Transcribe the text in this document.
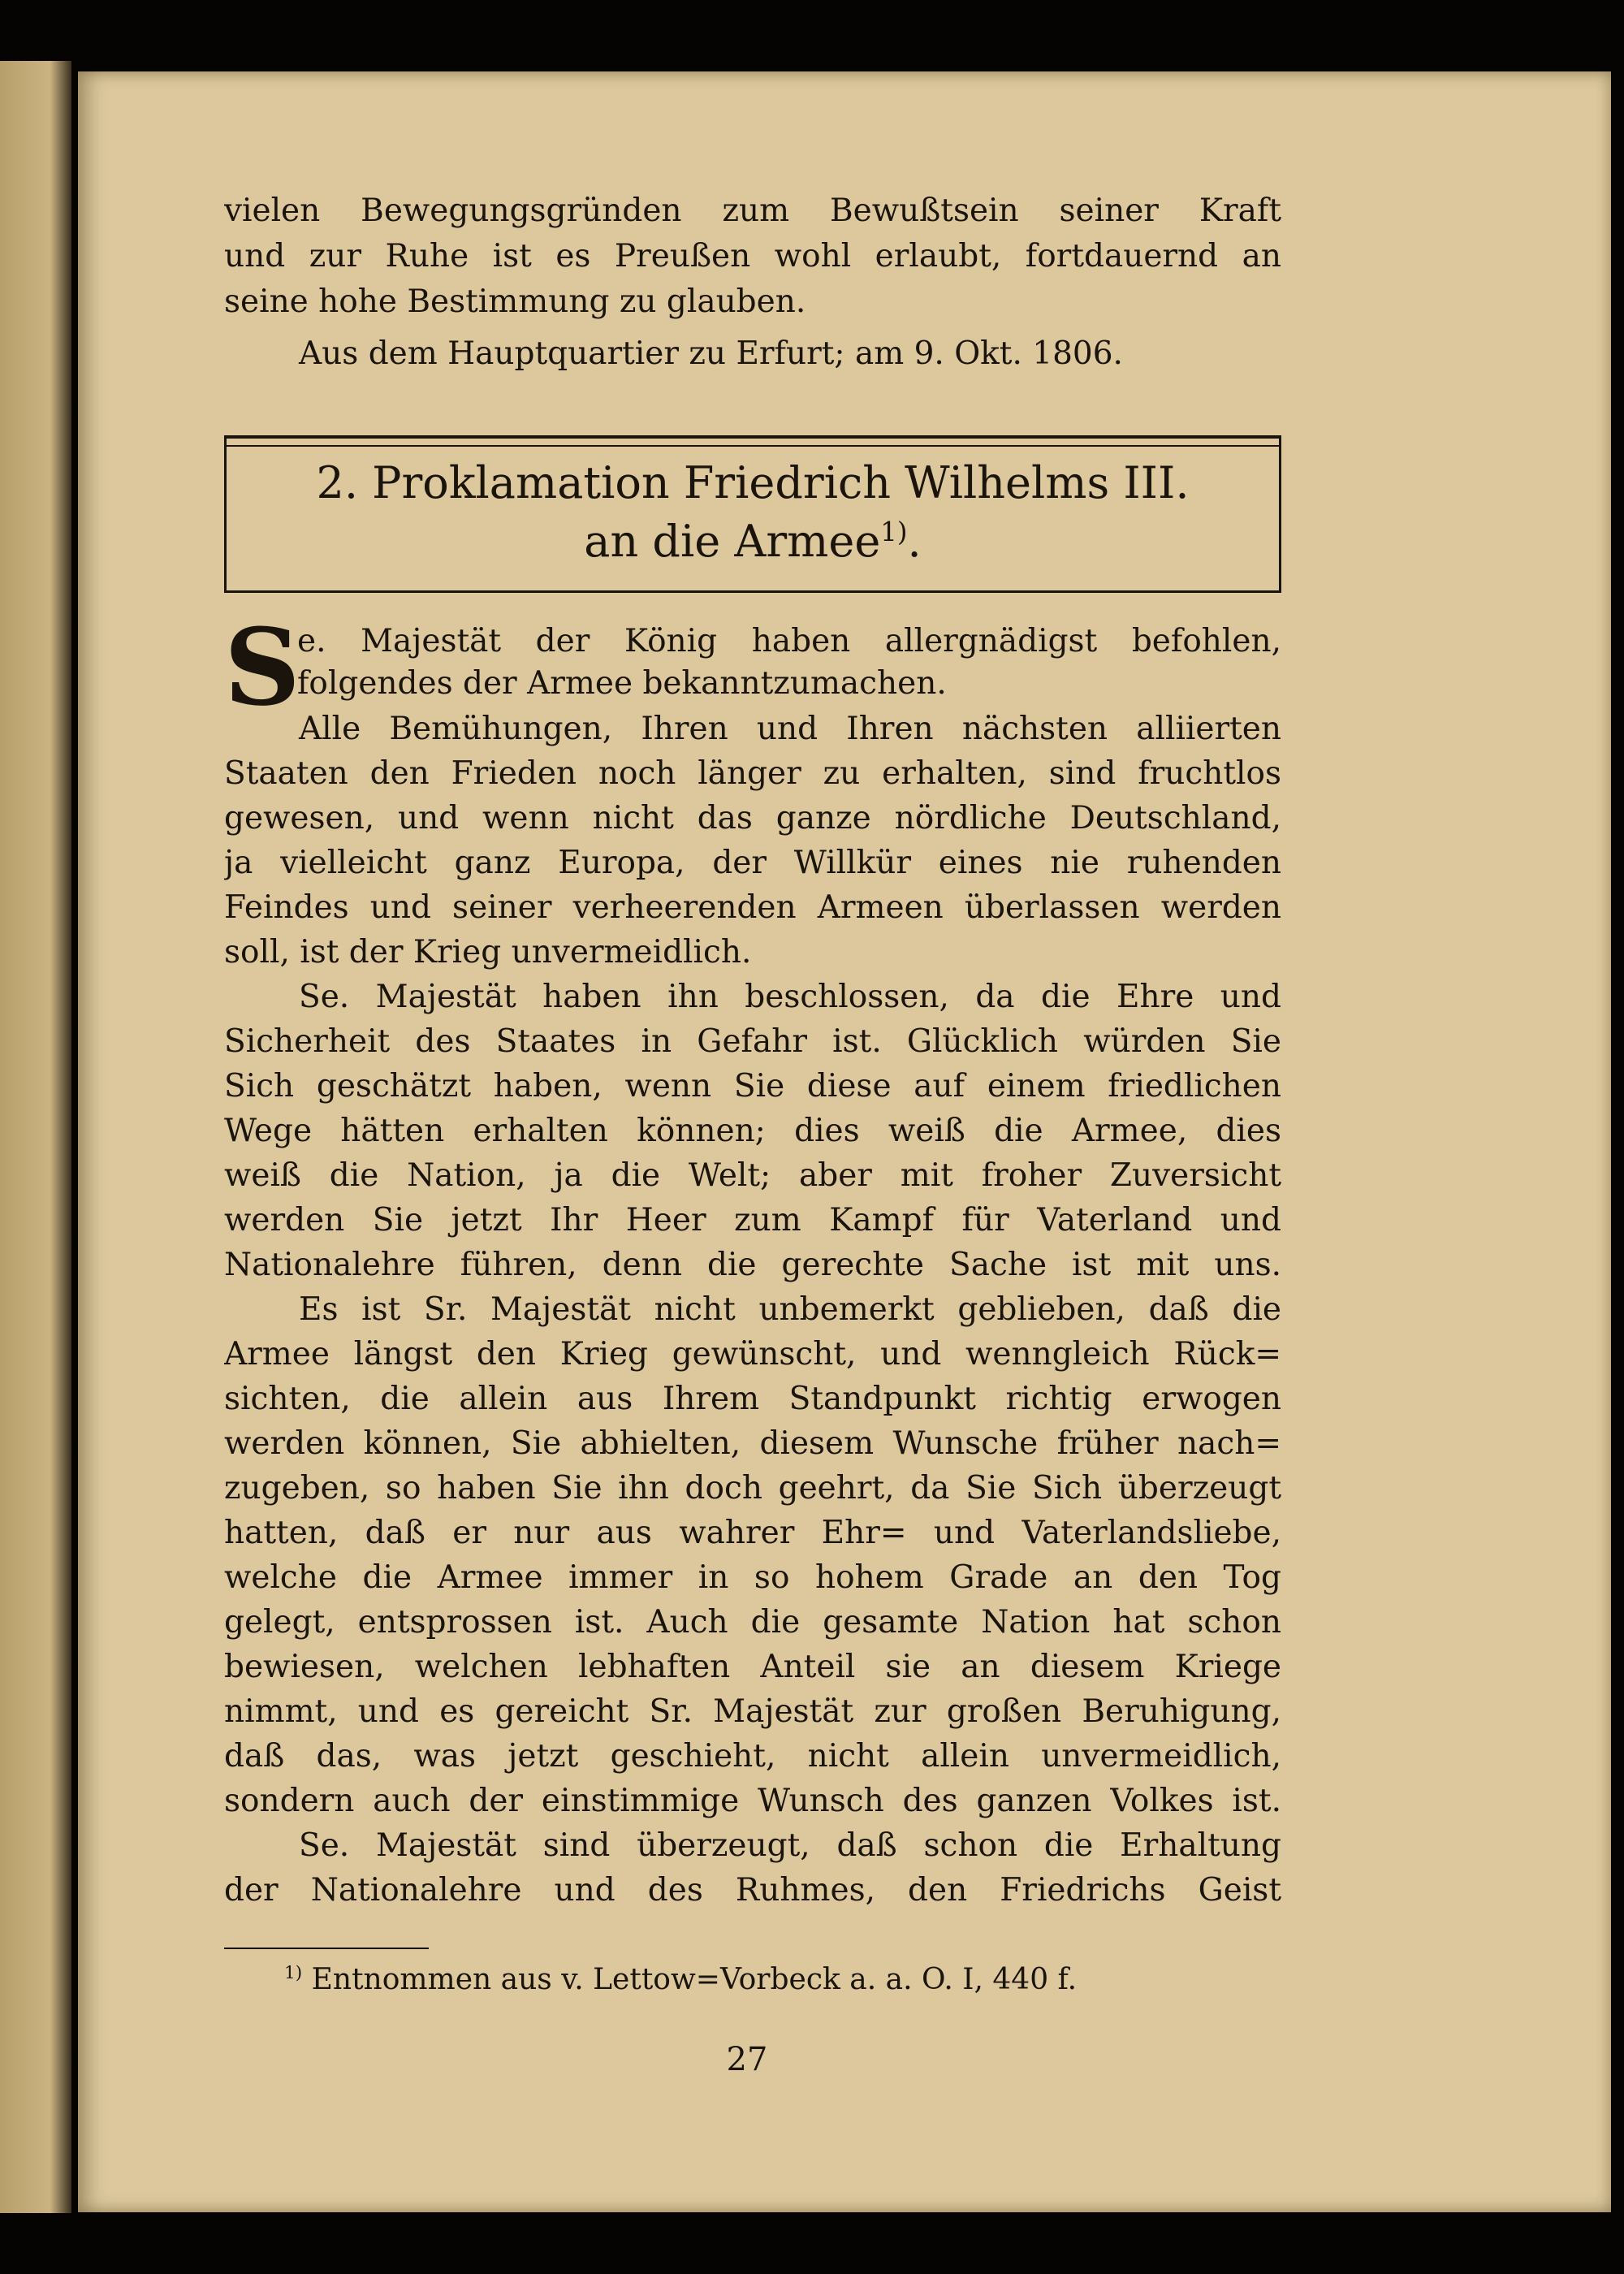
vielen Bewegungsgründen zum Bewußtsein seiner Kraft
und zur Ruhe ist es Preußen wohl erlaubt, fortdauernd an
seine hohe Bestimmung zu glauben.
Aus dem Hauptquartier zu Erfurt; am 9. Okt. 1806.
2. Proklamation Friedrich Wilhelms III.
an die Armee$^{1)}$.
S
e. Majestät der König haben allergnädigst befohlen,
folgendes der Armee bekanntzumachen.
Alle Bemühungen, Ihren und Ihren nächsten alliierten
Staaten den Frieden noch länger zu erhalten, sind fruchtlos
gewesen, und wenn nicht das ganze nördliche Deutschland,
ja vielleicht ganz Europa, der Willkür eines nie ruhenden
Feindes und seiner verheerenden Armeen überlassen werden
soll, ist der Krieg unvermeidlich.
Se. Majestät haben ihn beschlossen, da die Ehre und
Sicherheit des Staates in Gefahr ist. Glücklich würden Sie
Sich geschätzt haben, wenn Sie diese auf einem friedlichen
Wege hätten erhalten können; dies weiß die Armee, dies
weiß die Nation, ja die Welt; aber mit froher Zuversicht
werden Sie jetzt Ihr Heer zum Kampf für Vaterland und
Nationalehre führen, denn die gerechte Sache ist mit uns.
Es ist Sr. Majestät nicht unbemerkt geblieben, daß die
Armee längst den Krieg gewünscht, und wenngleich Rück=
sichten, die allein aus Ihrem Standpunkt richtig erwogen
werden können, Sie abhielten, diesem Wunsche früher nach=
zugeben, so haben Sie ihn doch geehrt, da Sie Sich überzeugt
hatten, daß er nur aus wahrer Ehr= und Vaterlandsliebe,
welche die Armee immer in so hohem Grade an den Tog
gelegt, entsprossen ist. Auch die gesamte Nation hat schon
bewiesen, welchen lebhaften Anteil sie an diesem Kriege
nimmt, und es gereicht Sr. Majestät zur großen Beruhigung,
daß das, was jetzt geschieht, nicht allein unvermeidlich,
sondern auch der einstimmige Wunsch des ganzen Volkes ist.
Se. Majestät sind überzeugt, daß schon die Erhaltung
der Nationalehre und des Ruhmes, den Friedrichs Geist
$^{1)}$ Entnommen aus v. Lettow=Vorbeck a. a. O. I, 440 f.
27
